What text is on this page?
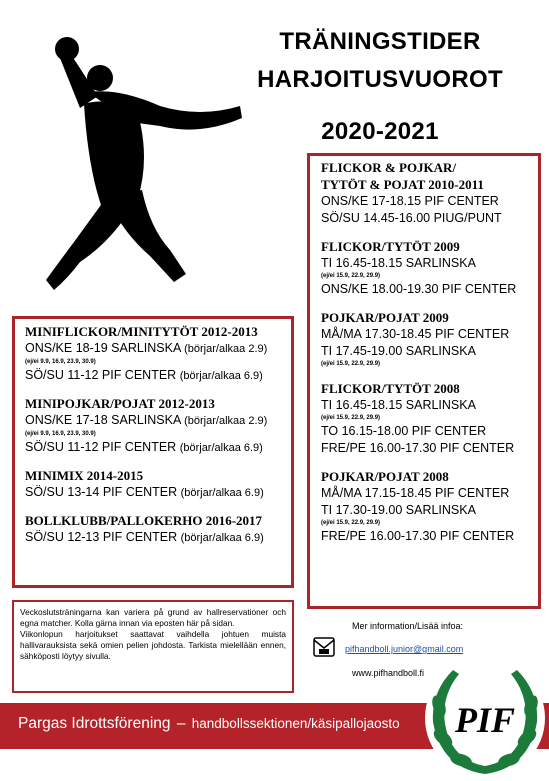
TRÄNINGSTIDER
HARJOITUSVUOROT
2020-2021
MINIFLICKOR/MINITYTÖT 2012-2013
ONS/KE 18-19 SARLINSKA (börjar/alkaa 2.9)
(ej/ei 9.9, 16.9, 23.9, 30.9)
SÖ/SU 11-12 PIF CENTER (börjar/alkaa 6.9)
MINIPOJKAR/POJAT 2012-2013
ONS/KE 17-18 SARLINSKA (börjar/alkaa 2.9)
(ej/ei 9.9, 16.9, 23.9, 30.9)
SÖ/SU 11-12 PIF CENTER (börjar/alkaa 6.9)
MINIMIX 2014-2015
SÖ/SU 13-14 PIF CENTER (börjar/alkaa 6.9)
BOLLKLUBB/PALLOKERHO 2016-2017
SÖ/SU 12-13 PIF CENTER (börjar/alkaa 6.9)
FLICKOR & POJKAR/
TYTÖT & POJAT 2010-2011
ONS/KE 17-18.15 PIF CENTER
SÖ/SU 14.45-16.00 PIUG/PUNT
FLICKOR/TYTÖT 2009
TI 16.45-18.15 SARLINSKA
(ej/ei 15.9, 22.9, 29.9)
ONS/KE 18.00-19.30 PIF CENTER
POJKAR/POJAT 2009
MÅ/MA 17.30-18.45 PIF CENTER
TI 17.45-19.00 SARLINSKA
(ej/ei 15.9, 22.9, 29.9)
FLICKOR/TYTÖT 2008
TI 16.45-18.15 SARLINSKA
(ej/ei 15.9, 22.9, 29.9)
TO 16.15-18.00 PIF CENTER
FRE/PE 16.00-17.30 PIF CENTER
POJKAR/POJAT 2008
MÅ/MA 17.15-18.45 PIF CENTER
TI 17.30-19.00 SARLINSKA
(ej/ei 15.9, 22.9, 29.9)
FRE/PE 16.00-17.30 PIF CENTER

Veckoslutsträningarna kan variera på grund av hallreservationer och egna matcher. Kolla gärna innan via eposten här på sidan.

Viikonlopun harjoitukset saattavat vaihdella johtuen muista hallivarauksista sekä omien pelien johdosta. Tarkista mielellään ennen, sähköposti löytyy sivulla.

Mer information/Lisää infoa:
pifhandboll.junior@gmail.com
www.pifhandboll.fi
Pargas Idrottsförening – handbollssektionen/käsipallojaosto PIF
